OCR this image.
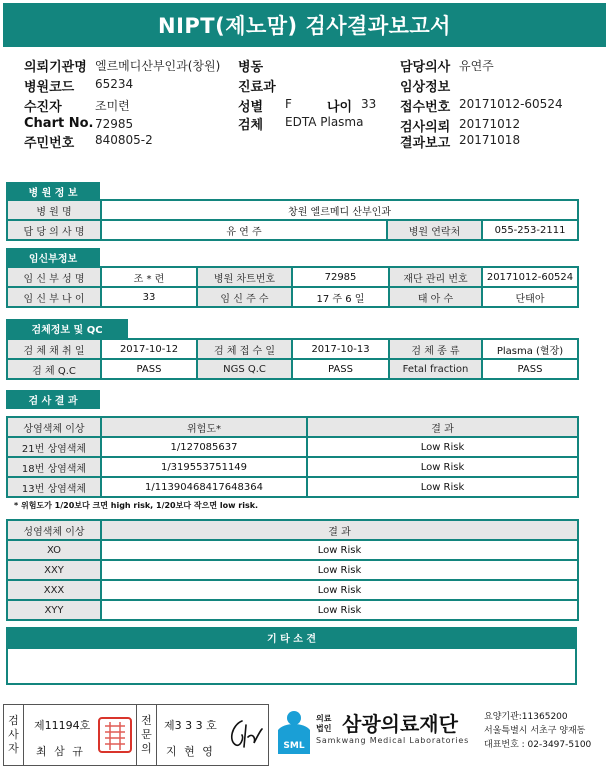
NIPT(제노맘) 검사결과보고서
의뢰기관명 엘르메디산부인과(창원)
병원코드 65234
수진자	조미련
Chart No. 72985
주민번호 840805-2
병동
진료과
성별 F	나이 33
검체 EDTA Plasma
담당의사 유연주
임상정보
접수번호 20171012-60524
검사의뢰 20171012
결과보고 20171018
병 원 정 보
병 원 명	창원 엘르메디 산부인과		
담 당 의 사 명	유 연 주	병원 연락처	055-253-2111
임신부정보
임 신 부 성 명	조 * 련	병원 차트번호	72985	재단 관리 번호	20171012-60524
임 신 부 나 이	33	임 신 주 수	17 주 6 일	태 아 수	단태아
검체정보 및 QC
검 체 채 취 일	2017-10-12	검 체 접 수 일	2017-10-13	검 체 종 류	Plasma (혈장)
검 체 Q.C	PASS	NGS Q.C	PASS	Fetal fraction	PASS
검 사 결 과
상염색체 이상	위험도*	결 과
21번 상염색체	1/127085637	Low Risk
18번 상염색체	1/319553751149	Low Risk
13번 상염색체	1/11390468417648364	Low Risk
* 위험도가 1/20보다 크면 high risk, 1/20보다 작으면 low risk.
성염색체 이상	결 과
XO	Low Risk
XXY	Low Risk
XXX	Low Risk
XYY	Low Risk
기 타 소 견
검
사
자
제11194호
최 삼 규
전
문
의
제3 3 3 호
지 현 영	SML
의료
법인 삼광의료재단
Samkwang Medical Laboratories
요양기관:11365200
서울특별시 서초구 양재동
대표번호 : 02-3497-5100
